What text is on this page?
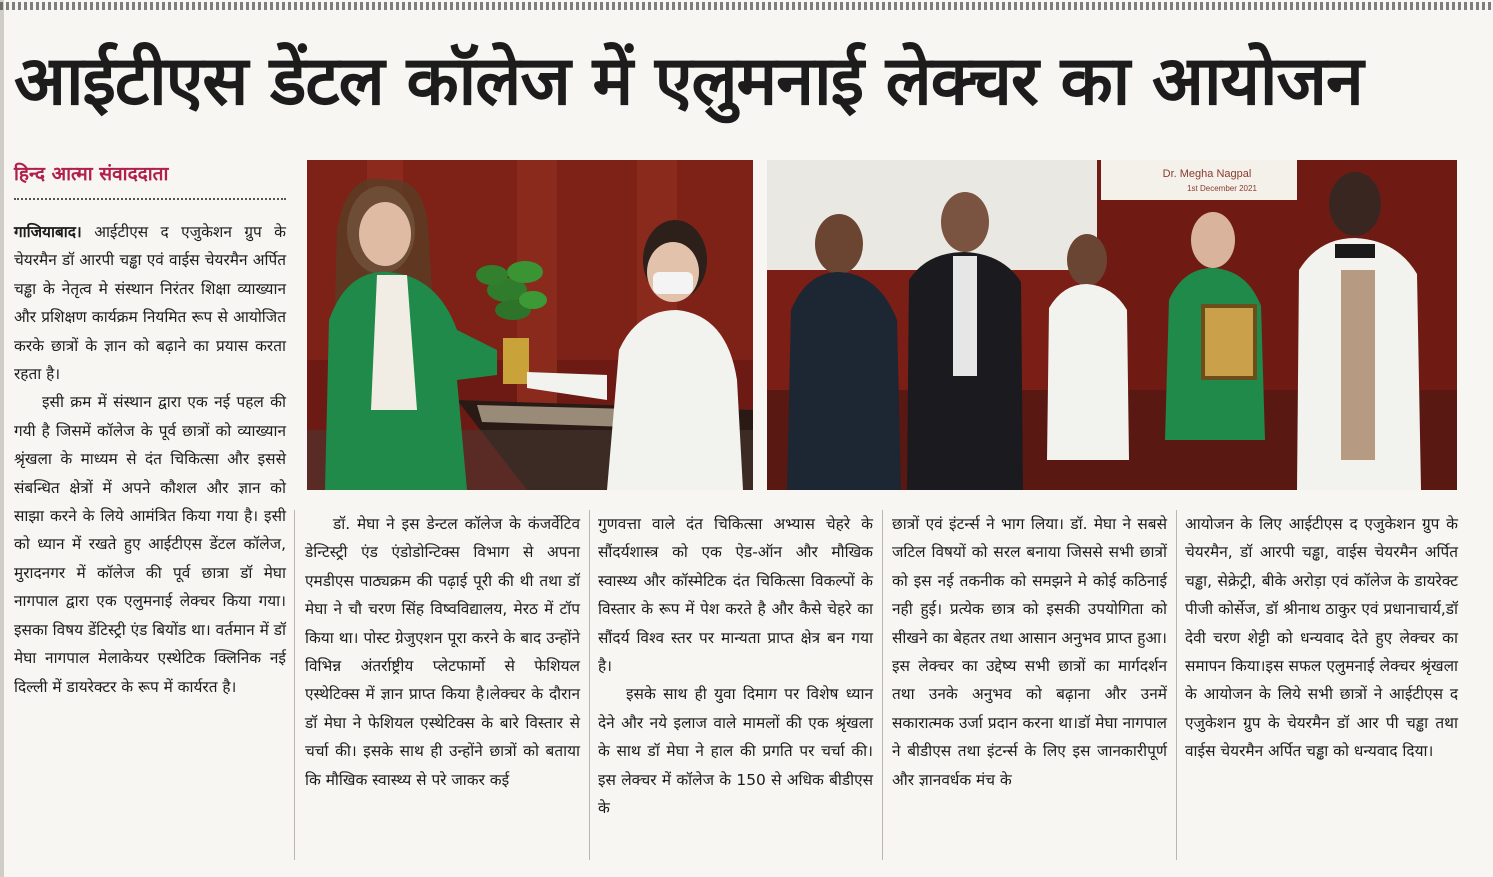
आईटीएस डेंटल कॉलेज में एलुमनाई लेक्चर का आयोजन
हिन्द आत्मा संवाददाता	Dr. Megha Nagpal
1st December 2021

गाजियाबाद। आईटीएस द एजुकेशन ग्रुप के चेयरमैन डॉ आरपी चड्ढा एवं वाईस चेयरमैन अर्पित चड्ढा के नेतृत्व मे संस्थान निरंतर शिक्षा व्याख्यान और प्रशिक्षण कार्यक्रम नियमित रूप से आयोजित करके छात्रों के ज्ञान को बढ़ाने का प्रयास करता रहता है।

इसी क्रम में संस्थान द्वारा एक नई पहल की गयी है जिसमें कॉलेज के पूर्व छात्रों को व्याख्यान श्रृंखला के माध्यम से दंत चिकित्सा और इससे संबन्धित क्षेत्रों में अपने कौशल और ज्ञान को साझा करने के लिये आमंत्रित किया गया है। इसी को ध्यान में रखते हुए आईटीएस डेंटल कॉलेज, मुरादनगर में कॉलेज की पूर्व छात्रा डॉ मेघा नागपाल द्वारा एक एलुमनाई लेक्चर किया गया। इसका विषय डेंटिस्ट्री एंड बियोंड था। वर्तमान में डॉ मेघा नागपाल मेलाकेयर एस्थेटिक क्लिनिक नई दिल्ली में डायरेक्टर के रूप में कार्यरत है।

डॉ. मेघा ने इस डेन्टल कॉलेज के कंजर्वेटिव डेन्टिस्ट्री एंड एंडोडोन्टिक्स विभाग से अपना एमडीएस पाठ्यक्रम की पढ़ाई पूरी की थी तथा डॉ मेघा ने चौ चरण सिंह विष्वविद्यालय, मेरठ में टॉप किया था। पोस्ट ग्रेजुएशन पूरा करने के बाद उन्होंने विभिन्न अंतर्राष्ट्रीय प्लेटफार्मो से फेशियल एस्थेटिक्स में ज्ञान प्राप्त किया है।लेक्चर के दौरान डॉ मेघा ने फेशियल एस्थेटिक्स के बारे विस्तार से चर्चा की। इसके साथ ही उन्होंने छात्रों को बताया कि मौखिक स्वास्थ्य से परे जाकर कई

गुणवत्ता वाले दंत चिकित्सा अभ्यास चेहरे के सौंदर्यशास्त्र को एक ऐड-ऑन और मौखिक स्वास्थ्य और कॉस्मेटिक दंत चिकित्सा विकल्पों के विस्तार के रूप में पेश करते है और कैसे चेहरे का सौंदर्य विश्व स्तर पर मान्यता प्राप्त क्षेत्र बन गया है।

इसके साथ ही युवा दिमाग पर विशेष ध्यान देने और नये इलाज वाले मामलों की एक श्रृंखला के साथ डॉ मेघा ने हाल की प्रगति पर चर्चा की। इस लेक्चर में कॉलेज के 150 से अधिक बीडीएस के

छात्रों एवं इंटर्न्स ने भाग लिया। डॉ. मेघा ने सबसे जटिल विषयों को सरल बनाया जिससे सभी छात्रों को इस नई तकनीक को समझने मे कोई कठिनाई नही हुई। प्रत्येक छात्र को इसकी उपयोगिता को सीखने का बेहतर तथा आसान अनुभव प्राप्त हुआ। इस लेक्चर का उद्देष्य सभी छात्रों का मार्गदर्शन तथा उनके अनुभव को बढ़ाना और उनमें सकारात्मक उर्जा प्रदान करना था।डॉ मेघा नागपाल ने बीडीएस तथा इंटर्न्स के लिए इस जानकारीपूर्ण और ज्ञानवर्धक मंच के

आयोजन के लिए आईटीएस द एजुकेशन ग्रुप के चेयरमैन, डॉ आरपी चड्ढा, वाईस चेयरमैन अर्पित चड्ढा, सेक्रेट्री, बीके अरोड़ा एवं कॉलेज के डायरेक्ट पीजी कोर्सेज, डॉ श्रीनाथ ठाकुर एवं प्रधानाचार्य,डॉ देवी चरण शेट्टी को धन्यवाद देते हुए लेक्चर का समापन किया।इस सफल एलुमनाई लेक्चर श्रृंखला के आयोजन के लिये सभी छात्रों ने आईटीएस द एजुकेशन ग्रुप के चेयरमैन डॉ आर पी चड्ढा तथा वाईस चेयरमैन अर्पित चड्ढा को धन्यवाद दिया।
